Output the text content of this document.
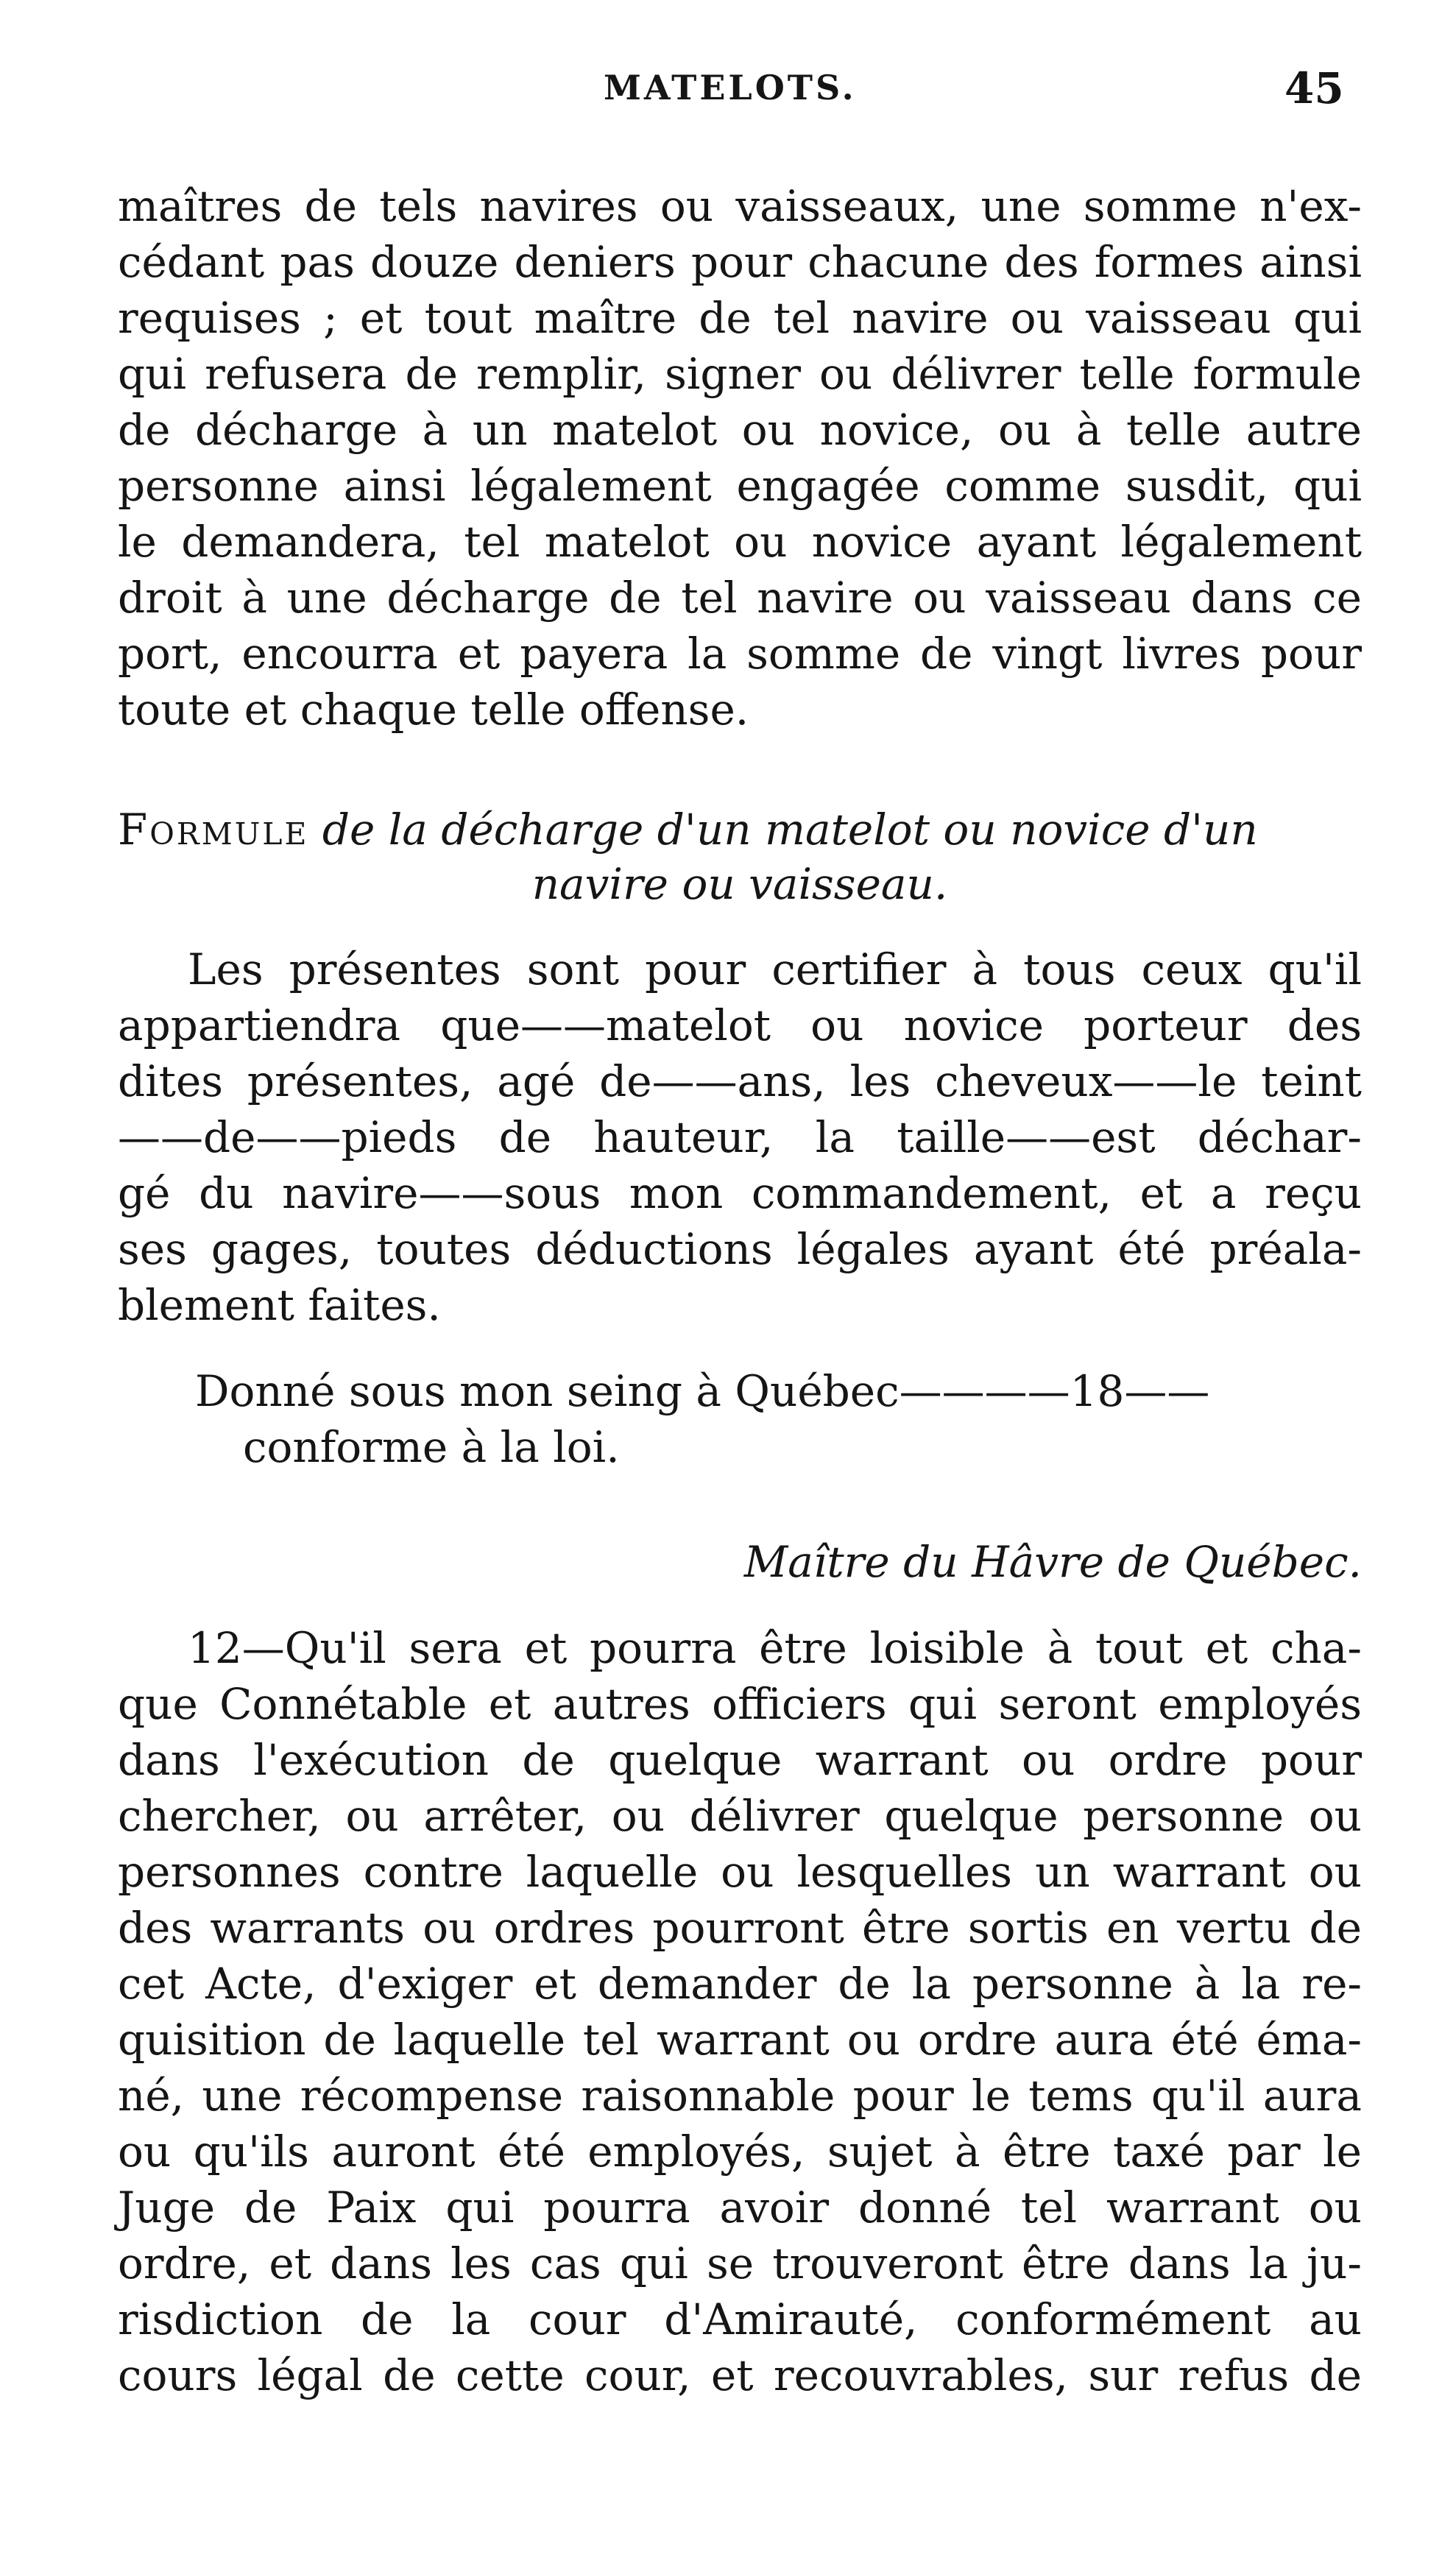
MATELOTS.	45
maîtres de tels navires ou vaisseaux, une somme n'ex-
cédant pas douze deniers pour chacune des formes ainsi
requises ; et tout maître de tel navire ou vaisseau qui
qui refusera de remplir, signer ou délivrer telle formule
de décharge à un matelot ou novice, ou à telle autre
personne ainsi légalement engagée comme susdit, qui
le demandera, tel matelot ou novice ayant légalement
droit à une décharge de tel navire ou vaisseau dans ce
port, encourra et payera la somme de vingt livres pour
toute et chaque telle offense.
Formule de la décharge d'un matelot ou novice d'un
navire ou vaisseau.
Les présentes sont pour certifier à tous ceux qu'il
appartiendra que——matelot ou novice porteur des
dites présentes, agé de——ans, les cheveux——le teint
——de——pieds de hauteur, la taille——est déchar-
gé du navire——sous mon commandement, et a reçu
ses gages, toutes déductions légales ayant été préala-
blement faites.
Donné sous mon seing à Québec————18——
conforme à la loi.
Maître du Hâvre de Québec.
12—Qu'il sera et pourra être loisible à tout et cha-
que Connétable et autres officiers qui seront employés
dans l'exécution de quelque warrant ou ordre pour
chercher, ou arrêter, ou délivrer quelque personne ou
personnes contre laquelle ou lesquelles un warrant ou
des warrants ou ordres pourront être sortis en vertu de
cet Acte, d'exiger et demander de la personne à la re-
quisition de laquelle tel warrant ou ordre aura été éma-
né, une récompense raisonnable pour le tems qu'il aura
ou qu'ils auront été employés, sujet à être taxé par le
Juge de Paix qui pourra avoir donné tel warrant ou
ordre, et dans les cas qui se trouveront être dans la ju-
risdiction de la cour d'Amirauté, conformément au
cours légal de cette cour, et recouvrables, sur refus de
